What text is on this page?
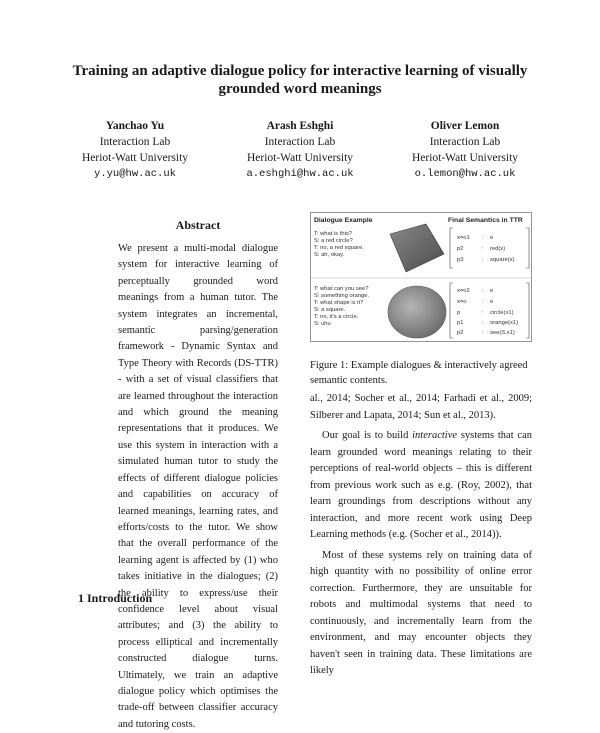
Training an adaptive dialogue policy for interactive learning of visually grounded word meanings
Yanchao Yu
Interaction Lab
Heriot-Watt University
y.yu@hw.ac.uk
Arash Eshghi
Interaction Lab
Heriot-Watt University
a.eshghi@hw.ac.uk
Oliver Lemon
Interaction Lab
Heriot-Watt University
o.lemon@hw.ac.uk
Abstract

We present a multi-modal dialogue system for interactive learning of perceptually grounded word meanings from a human tutor. The system integrates an incremental, semantic parsing/generation framework - Dynamic Syntax and Type Theory with Records (DS-TTR) - with a set of visual classifiers that are learned throughout the interaction and which ground the meaning representations that it produces. We use this system in interaction with a simulated human tutor to study the effects of different dialogue policies and capabilities on accuracy of learned meanings, learning rates, and efforts/costs to the tutor. We show that the overall performance of the learning agent is affected by (1) who takes initiative in the dialogues; (2) the ability to express/use their confidence level about visual attributes; and (3) the ability to process elliptical and incrementally constructed dialogue turns. Ultimately, we train an adaptive dialogue policy which optimises the trade-off between classifier accuracy and tutoring costs.

1 Introduction
Dialogue Example	Final Semantics in TTR
T: what is this?
S: a red circle?
T: no, a red square.
S: ah, okay.
T: what can you see?
S: something orange.
T: what shape is it?
S: a square.
T: no, it's a circle.
S: uhu
x=o1 : e
p2	: red(x)
p3	: square(x)
x=o2 : e
x=o	: e
p	: circle(x1)
p1	: orange(x1)
p2	: see(S,x1)

Figure 1: Example dialogues & interactively agreed semantic contents.

al., 2014; Socher et al., 2014; Farhadi et al., 2009; Silberer and Lapata, 2014; Sun et al., 2013).

Our goal is to build interactive systems that can learn grounded word meanings relating to their perceptions of real-world objects – this is different from previous work such as e.g. (Roy, 2002), that learn groundings from descriptions without any interaction, and more recent work using Deep Learning methods (e.g. (Socher et al., 2014)).

Most of these systems rely on training data of high quantity with no possibility of online error correction. Furthermore, they are unsuitable for robots and multimodal systems that need to continuously, and incrementally learn from the environment, and may encounter objects they haven't seen in training data. These limitations are likely
